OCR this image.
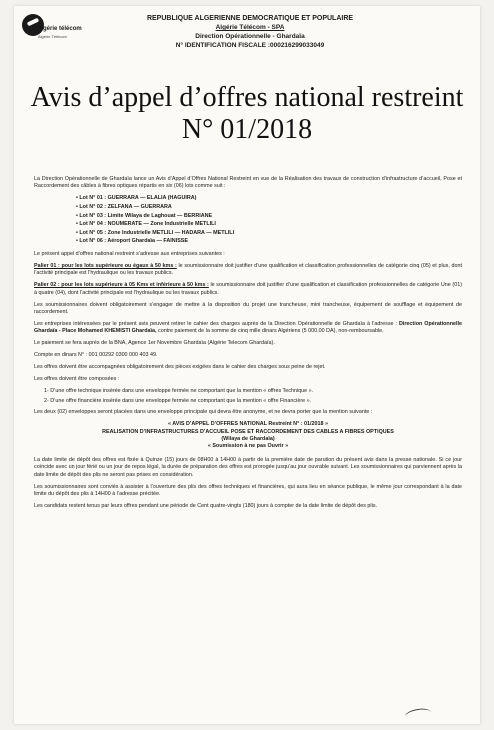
algérie télécom
Algérie Télécom
REPUBLIQUE ALGERIENNE DEMOCRATIQUE ET POPULAIRE
Algérie Télécom - SPA
Direction Opérationnelle - Ghardaïa
N° IDENTIFICATION FISCALE :000216299033049
Avis d’appel d’offres national restreint N° 01/2018

La Direction Opérationnelle de Ghardaïa lance un Avis d’Appel d’Offres National Restreint en vue de la Réalisation des travaux de construction d’infrastructure d’accueil, Pose et Raccordement des câbles à fibres optiques répartis en six (06) lots comme suit :

• Lot N° 01 : GUERRARA — ELALIA (HAGUIRA)
• Lot N° 02 : ZELFANA — GUERRARA
• Lot N° 03 : Limite Wilaya de Laghouat — BERRIANE
• Lot N° 04 : NOUMERATE — Zone Industrielle METLILI
• Lot N° 05 : Zone Industrielle METLILI — HADARA — METLILI
• Lot N° 06 : Aéroport Ghardaïa — FAINISSE

Le présent appel d’offres national restreint s’adresse aux entreprises suivantes :

Palier 01 : pour les lots supérieure ou égaux à 50 kms : le soumissionnaire doit justifier d’une qualification et classification professionnelles de catégorie cinq (05) et plus, dont l’activité principale est l’hydraulique ou les travaux publics.

Palier 02 : pour les lots supérieure à 05 Kms et inférieure à 50 kms : le soumissionnaire doit justifier d’une qualification et classification professionnelles de catégorie Une (01) à quatre (04), dont l’activité principale est l’hydraulique ou les travaux publics.

Les soumissionnaires doivent obligatoirement s’engager de mettre à la disposition du projet une trancheuse, mini trancheuse, équipement de soufflage et équipement de raccordement.

Les entreprises intéressées par le présent avis peuvent retirer le cahier des charges auprès de la Direction Opérationnelle de Ghardaïa à l’adresse : Direction Opérationnelle Ghardaïa - Place Mohamed KHEMISTI Ghardaïa, contre paiement de la somme de cinq mille dinars Algériens (5 000.00 DA), non-remboursable.

Le paiement se fera auprès de la BNA, Agence 1er Novembre Ghardaïa (Algérie Telecom Ghardaïa).

Compte en dinars N° : 001 00292 0300 000 403 49.

Les offres doivent être accompagnées obligatoirement des pièces exigées dans le cahier des charges sous peine de rejet.

Les offres doivent être composées :

1- D’une offre technique insérée dans une enveloppe fermée ne comportant que la mention « offres Technique ».
2- D’une offre financière insérée dans une enveloppe fermée ne comportant que la mention « offre Financière ».

Les deux (02) enveloppes seront placées dans une enveloppe principale qui devra être anonyme, et ne devra porter que la mention suivante :

« AVIS D’APPEL D’OFFRES NATIONAL Restreint N° : 01/2018 »
REALISATION D’INFRASTRUCTURES D’ACCUEIL POSE ET RACCORDEMENT DES CABLES A FIBRES OPTIQUES
(Wilaya de Ghardaïa)
« Soumission à ne pas Ouvrir »

La date limite de dépôt des offres est fixée à Quinze (15) jours de 08H00 à 14H00 à partir de la première date de parution du présent avis dans la presse nationale. Si ce jour coïncide avec un jour férié ou un jour de repos légal, la durée de préparation des offres est prorogée jusqu’au jour ouvrable suivant. Les soumissionnaires qui parviennent après la date limite de dépôt des plis ne seront pas prises en considération.

Les soumissionnaires sont conviés à assister à l’ouverture des plis des offres techniques et financières, qui aura lieu en séance publique, le même jour correspondant à la date limite du dépôt des plis à 14H00 à l’adresse précitée.

Les candidats restent tenus par leurs offres pendant une période de Cent quatre-vingts (180) jours à compter de la date limite de dépôt des plis.
